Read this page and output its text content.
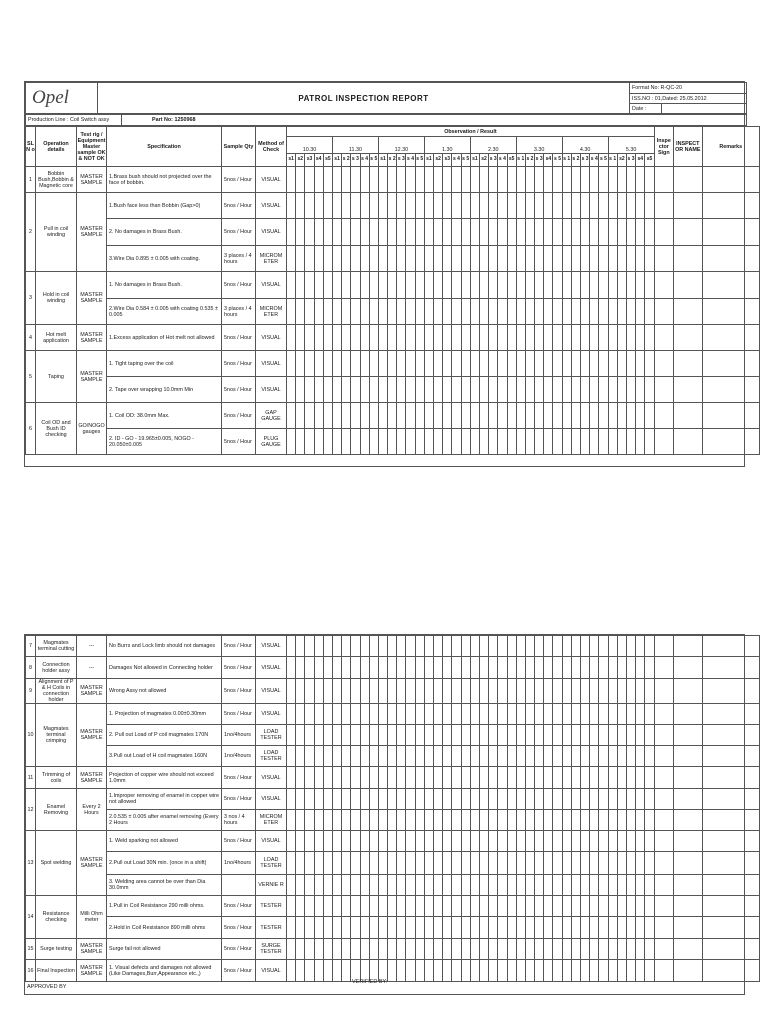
Opel	PATROL INSPECTION REPORT	Format No: R-QC-20	
		ISS.NO : 01,Dated: 25.05.2012	
		Date :	
Production Line : Coil Switch assy	Part No: 1250968
SL N o	Operation details	Test rig / Equipment Master sample OK & NOT OK	Specification	Sample Qty	Method of Check	Observation / Result																																								Inspe ctor Sign	INSPECT OR NAME	Remarks
						10.30					11.30					12.30					1.30					2.30					3.30					4.30					5.30							
						s1	s2	s3	s4	s5	s1	s 2	s 3	s 4	s 5	s1	s 2	s 3	s 4	s 5	s1	s2	s3	s 4	s 5	s1	s2	s 3	s 4	s5	s 1	s 2	s 3	s4	s 5	s 1	s 2	s 3	s 4	s 5	s 1	s2	s 3	s4	s5			
1	Bobbin Bush,Bobbin & Magnetic core	MASTER SAMPLE	1.Brass bush should not projected over the face of bobbin.	5nos / Hour	VISUAL																																											
2	Pull in coil winding	MASTER SAMPLE	1.Bush face less than Bobbin (Gap>0)	5nos / Hour	VISUAL																																											
			2. No damages in Brass Bush.	5nos / Hour	VISUAL																																											
			3.Wire Dia 0.895 ± 0.005 with coating.	3 places / 4 hours	MICROM ETER																																											
3	Hold in coil winding	MASTER SAMPLE	1. No damages in Brass Bush.	5nos / Hour	VISUAL																																											
			2.Wire Dia 0.584 ± 0.005 with coating 0.535 ± 0.005	3 places / 4 hours	MICROM ETER																																											
4	Hot melt application	MASTER SAMPLE	1.Excess application of Hot melt not allowed	5nos / Hour	VISUAL																																											
5	Taping	MASTER SAMPLE	1. Tight taping over the coil	5nos / Hour	VISUAL																																											
			2. Tape over wrapping 10.0mm Min	5nos / Hour	VISUAL																																											
6	Coil OD and Bush ID checking	GO/NOGO gauges	1. Coil OD: 38.0mm Max.	5nos / Hour	GAP GAUGE																																											
			2. ID - GO - 19.965±0.005, NOGO - 20.050±0.005	5nos / Hour	PLUG GAUGE																																											
7	Magmates terminal cutting	---	No Burrs and Lock limb should not damages	5nos / Hour	VISUAL																																											
8	Connection holder assy	---	Damages Not allowed in Connecting holder	5nos / Hour	VISUAL																																											
9	Alignment of P & H Coils in connection holder	MASTER SAMPLE	Wrong Assy not allowed	5nos / Hour	VISUAL																																											
10	Magmates terminal crimping	MASTER SAMPLE	1. Projection of magmates 0.00±0.30mm	5nos / Hour	VISUAL																																											
			2. Pull out Load of P coil magmates 170N	1no/4hours	LOAD TESTER																																											
			3.Pull out Load of H coil magmates 160N	1no/4hours	LOAD TESTER																																											
11	Trimming of coils	MASTER SAMPLE	Projection of copper wire should not exceed 1.0mm	5nos / Hour	VISUAL																																											
12	Enamel Removing	Every 2 Hours	1.Improper removing of enamel in copper wire not allowed	5nos / Hour	VISUAL																																											
			2.0.535 ± 0.005 after enamel removing (Every 2 Hours	3 nos / 4 hours	MICROM ETER																																											
13	Spot welding	MASTER SAMPLE	1. Weld sparking not allowed	5nos / Hour	VISUAL																																											
			2.Pull out Load 30N min. (once in a shift)	1no/4hours	LOAD TESTER																																											
			3. Welding area cannot be over than Dia 30.0mm		VERNIE R																																											
14	Resistance checking	Milli Ohm meter	1.Pull in Coil Resistance 290 milli ohms.	5nos / Hour	TESTER																																											
			2.Hold in Coil Resistance 890 milli ohms	5nos / Hour	TESTER																																											
15	Surge testing	MASTER SAMPLE	Surge fail not allowed	5nos / Hour	SURGE TESTER																																											
16	Final Inspection	MASTER SAMPLE	1. Visual defects and damages not allowed (Like Damages,Burr,Appearance etc.,)	5nos / Hour	VISUAL																																											
APPROVED BY
VERIFIED BY:
